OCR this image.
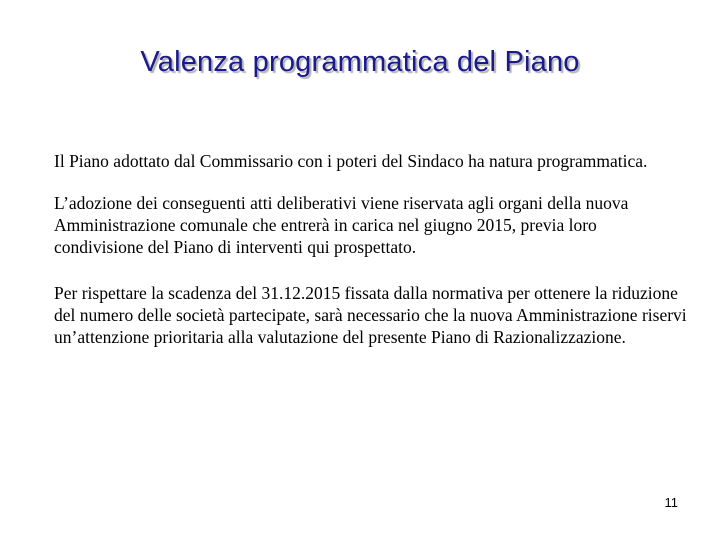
Valenza programmatica del Piano

Il Piano adottato dal Commissario con i poteri del Sindaco ha natura programmatica.

L’adozione dei conseguenti atti deliberativi viene riservata agli organi della nuova Amministrazione comunale che entrerà in carica nel giugno 2015, previa loro condivisione del Piano di interventi qui prospettato.

Per rispettare la scadenza del 31.12.2015 fissata dalla normativa per ottenere la riduzione del numero delle società partecipate, sarà necessario che la nuova Amministrazione riservi un’attenzione prioritaria alla valutazione del presente Piano di Razionalizzazione.

11
